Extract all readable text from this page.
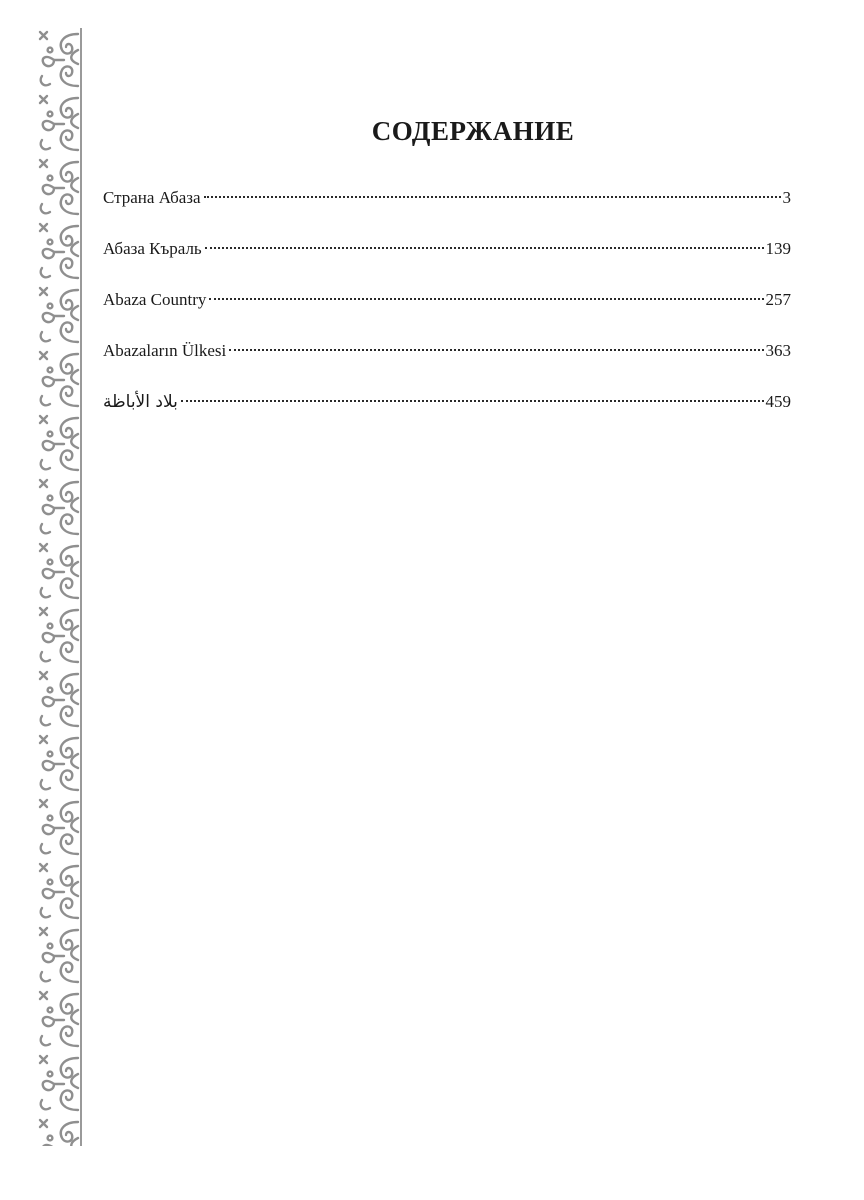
СОДЕРЖАНИЕ
Страна Абаза	3
Абаза Къраль	139
Abaza Country	257
Abazaların Ülkesi	363
بلاد الأباظة	459
